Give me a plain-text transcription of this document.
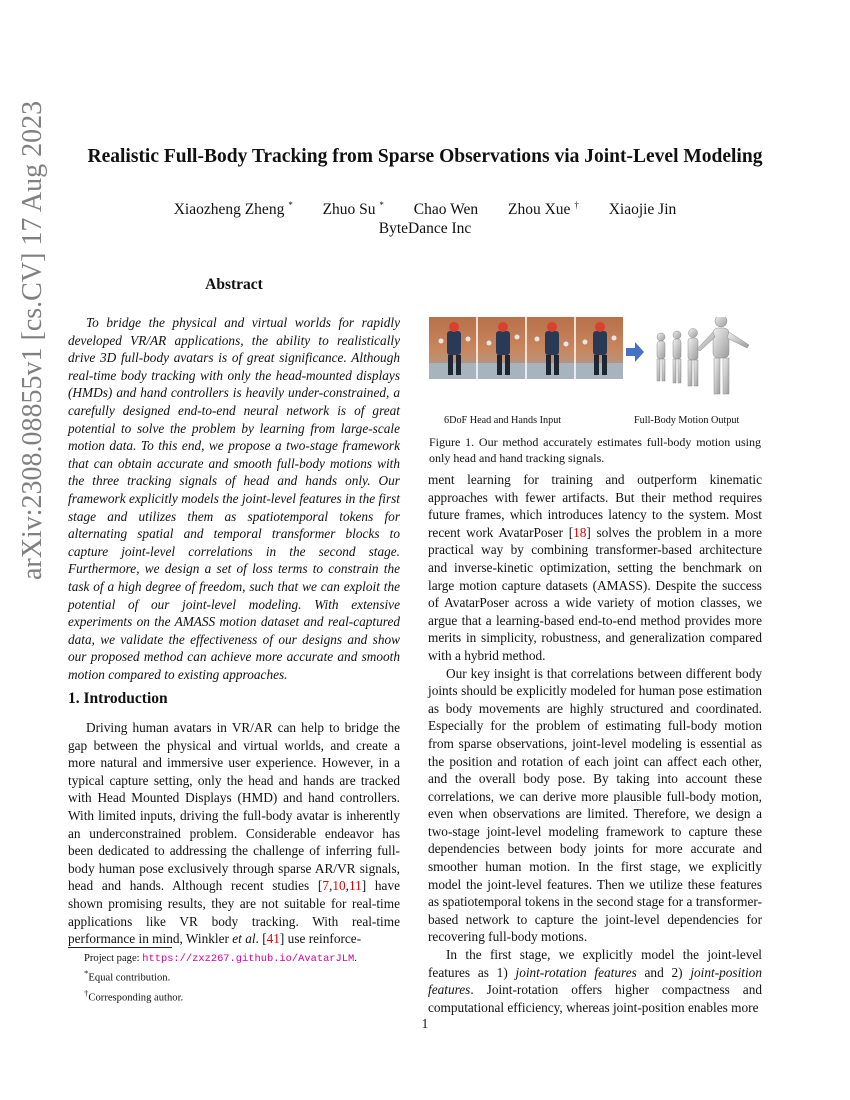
arXiv:2308.08855v1 [cs.CV] 17 Aug 2023	Realistic Full-Body Tracking from Sparse Observations via Joint-Level Modeling
Xiaozheng Zheng * Zhuo Su * Chao Wen Zhou Xue † Xiaojie Jin
ByteDance Inc
Abstract

To bridge the physical and virtual worlds for rapidly developed VR/AR applications, the ability to realistically drive 3D full-body avatars is of great significance. Although real-time body tracking with only the head-mounted displays (HMDs) and hand controllers is heavily under-constrained, a carefully designed end-to-end neural network is of great potential to solve the problem by learning from large-scale motion data. To this end, we propose a two-stage framework that can obtain accurate and smooth full-body motions with the three tracking signals of head and hands only. Our framework explicitly models the joint-level features in the first stage and utilizes them as spatiotemporal tokens for alternating spatial and temporal transformer blocks to capture joint-level correlations in the second stage. Furthermore, we design a set of loss terms to constrain the task of a high degree of freedom, such that we can exploit the potential of our joint-level modeling. With extensive experiments on the AMASS motion dataset and real-captured data, we validate the effectiveness of our designs and show our proposed method can achieve more accurate and smooth motion compared to existing approaches.

1. Introduction

Driving human avatars in VR/AR can help to bridge the gap between the physical and virtual worlds, and create a more natural and immersive user experience. However, in a typical capture setting, only the head and hands are tracked with Head Mounted Displays (HMD) and hand controllers. With limited inputs, driving the full-body avatar is inherently an underconstrained problem. Considerable endeavor has been dedicated to addressing the challenge of inferring full-body human pose exclusively through sparse AR/VR signals, head and hands. Although recent studies [7,10,11] have shown promising results, they are not suitable for real-time applications like VR body tracking. With real-time performance in mind, Winkler et al. [41] use reinforce-

Project page: https://zxz267.github.io/AvatarJLM.
*Equal contribution.
†Corresponding author.
6DoF Head and Hands Input	Full-Body Motion Output
Figure 1. Our method accurately estimates full-body motion using only head and hand tracking signals.

ment learning for training and outperform kinematic approaches with fewer artifacts. But their method requires future frames, which introduces latency to the system. Most recent work AvatarPoser [18] solves the problem in a more practical way by combining transformer-based architecture and inverse-kinetic optimization, setting the benchmark on large motion capture datasets (AMASS). Despite the success of AvatarPoser across a wide variety of motion classes, we argue that a learning-based end-to-end method provides more merits in simplicity, robustness, and generalization compared with a hybrid method.

Our key insight is that correlations between different body joints should be explicitly modeled for human pose estimation as body movements are highly structured and coordinated. Especially for the problem of estimating full-body motion from sparse observations, joint-level modeling is essential as the position and rotation of each joint can affect each other, and the overall body pose. By taking into account these correlations, we can derive more plausible full-body motion, even when observations are limited. Therefore, we design a two-stage joint-level modeling framework to capture these dependencies between body joints for more accurate and smoother human motion. In the first stage, we explicitly model the joint-level features. Then we utilize these features as spatiotemporal tokens in the second stage for a transformer-based network to capture the joint-level dependencies for recovering full-body motions.

In the first stage, we explicitly model the joint-level features as 1) joint-rotation features and 2) joint-position features. Joint-rotation offers higher compactness and computational efficiency, whereas joint-position enables more

1
